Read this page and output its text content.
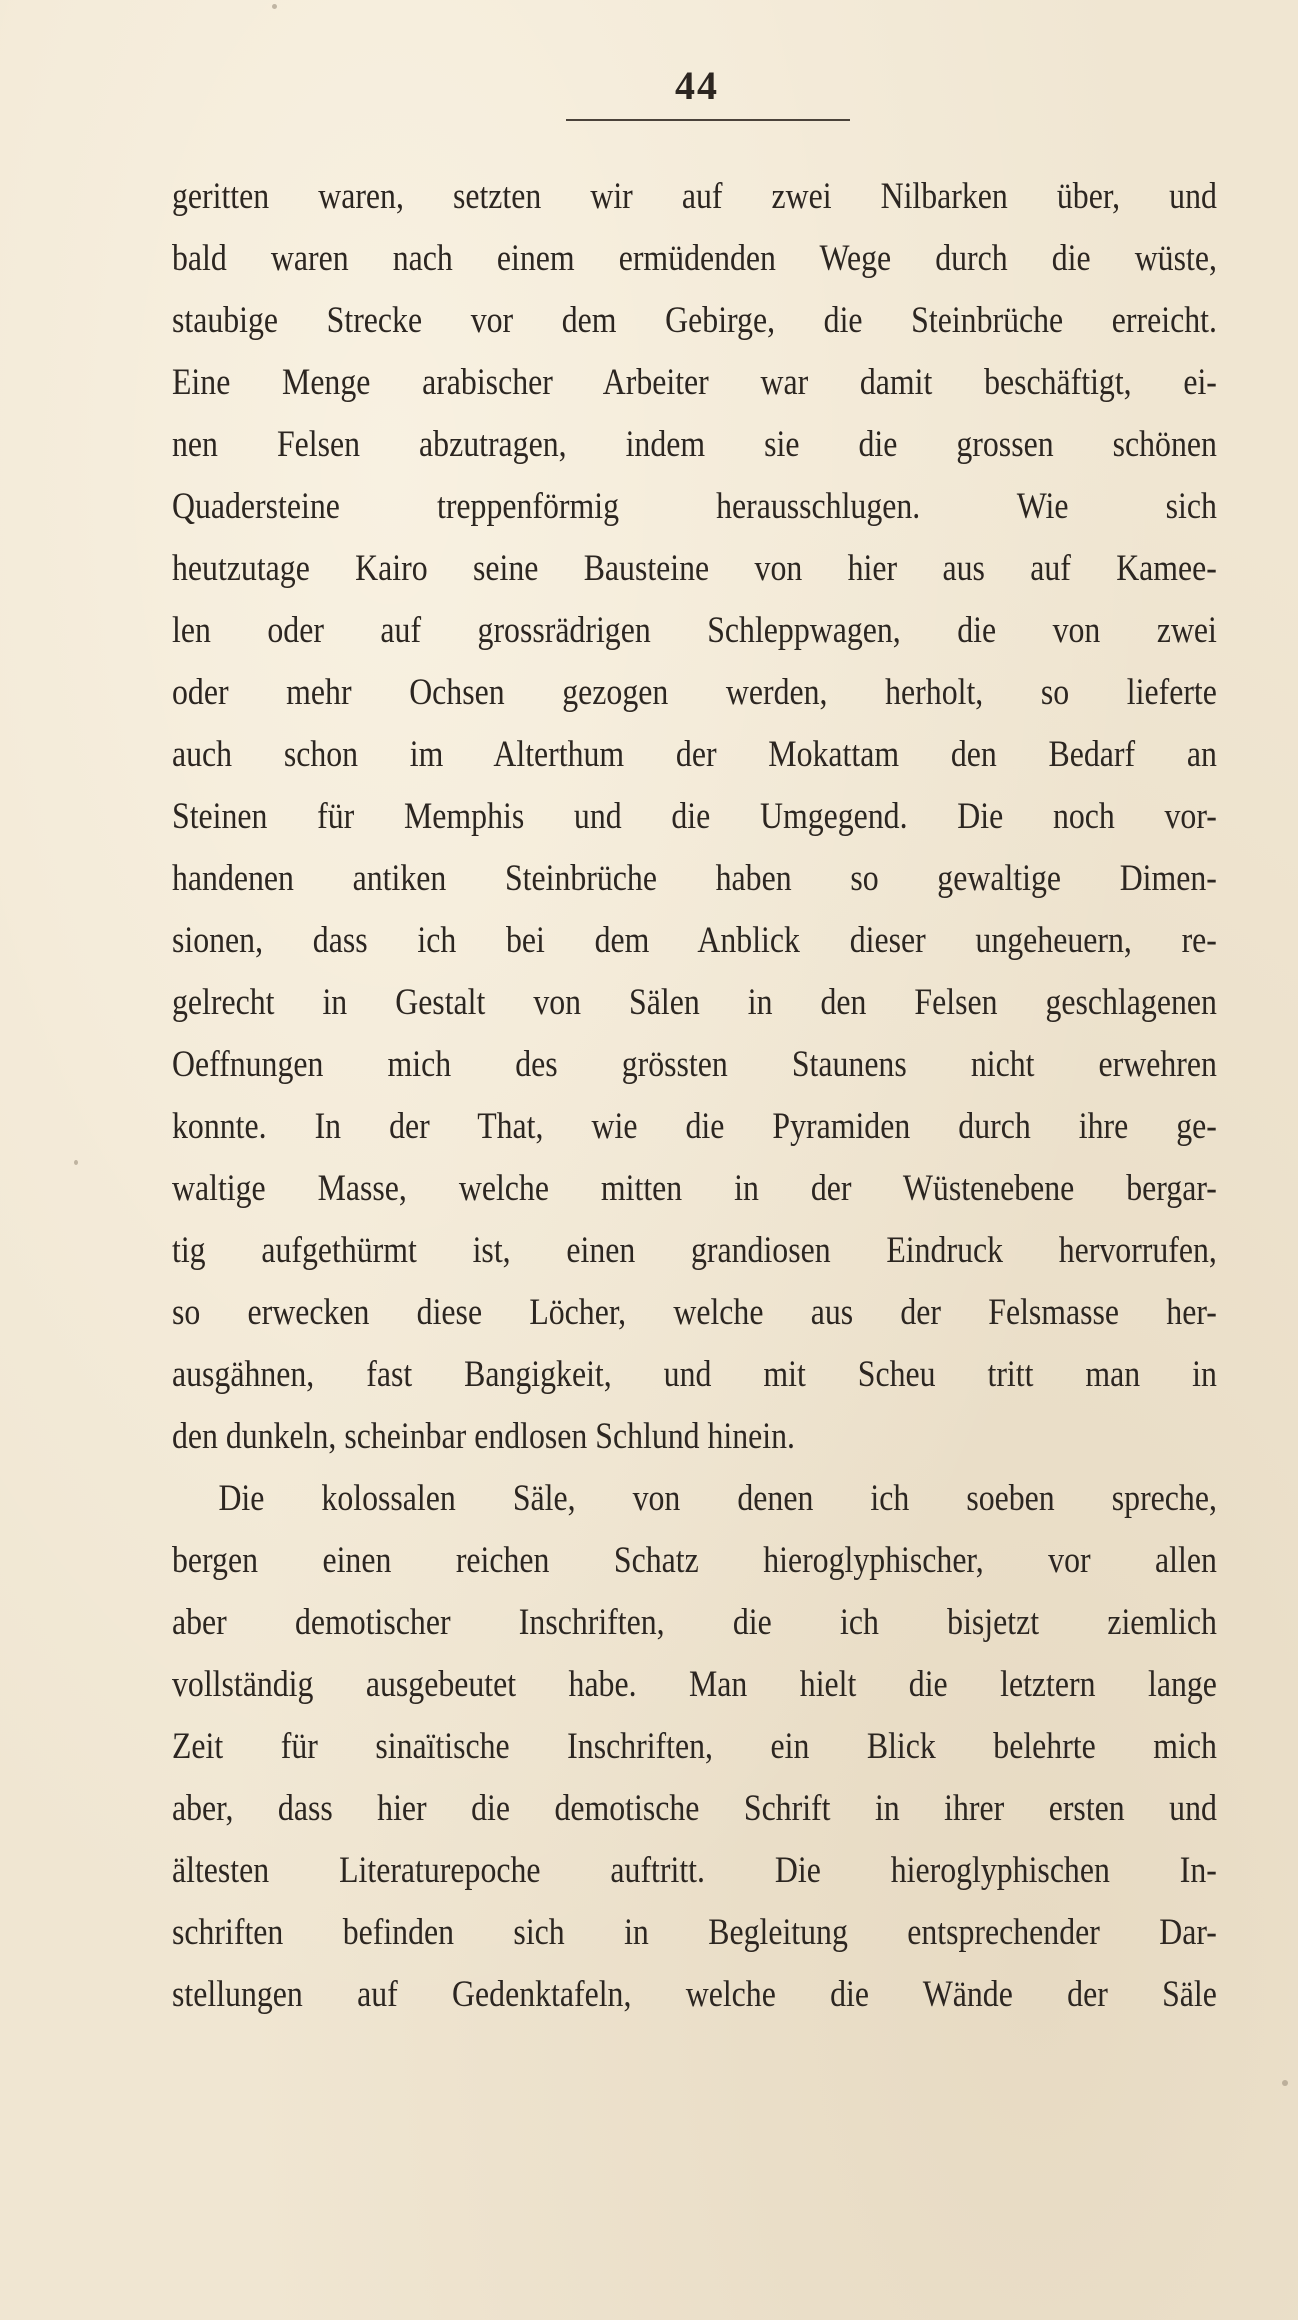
44
geritten waren, setzten wir auf zwei Nilbarken über, und
bald waren nach einem ermüdenden Wege durch die wüste,
staubige Strecke vor dem Gebirge, die Steinbrüche erreicht.
Eine Menge arabischer Arbeiter war damit beschäftigt, ei-
nen Felsen abzutragen, indem sie die grossen schönen
Quadersteine treppenförmig herausschlugen. Wie sich
heutzutage Kairo seine Bausteine von hier aus auf Kamee-
len oder auf grossrädrigen Schleppwagen, die von zwei
oder mehr Ochsen gezogen werden, herholt, so lieferte
auch schon im Alterthum der Mokattam den Bedarf an
Steinen für Memphis und die Umgegend. Die noch vor-
handenen antiken Steinbrüche haben so gewaltige Dimen-
sionen, dass ich bei dem Anblick dieser ungeheuern, re-
gelrecht in Gestalt von Sälen in den Felsen geschlagenen
Oeffnungen mich des grössten Staunens nicht erwehren
konnte. In der That, wie die Pyramiden durch ihre ge-
waltige Masse, welche mitten in der Wüstenebene bergar-
tig aufgethürmt ist, einen grandiosen Eindruck hervorrufen,
so erwecken diese Löcher, welche aus der Felsmasse her-
ausgähnen, fast Bangigkeit, und mit Scheu tritt man in
den dunkeln, scheinbar endlosen Schlund hinein.
Die kolossalen Säle, von denen ich soeben spreche,
bergen einen reichen Schatz hieroglyphischer, vor allen
aber demotischer Inschriften, die ich bisjetzt ziemlich
vollständig ausgebeutet habe. Man hielt die letztern lange
Zeit für sinaïtische Inschriften, ein Blick belehrte mich
aber, dass hier die demotische Schrift in ihrer ersten und
ältesten Literaturepoche auftritt. Die hieroglyphischen In-
schriften befinden sich in Begleitung entsprechender Dar-
stellungen auf Gedenktafeln, welche die Wände der Säle
